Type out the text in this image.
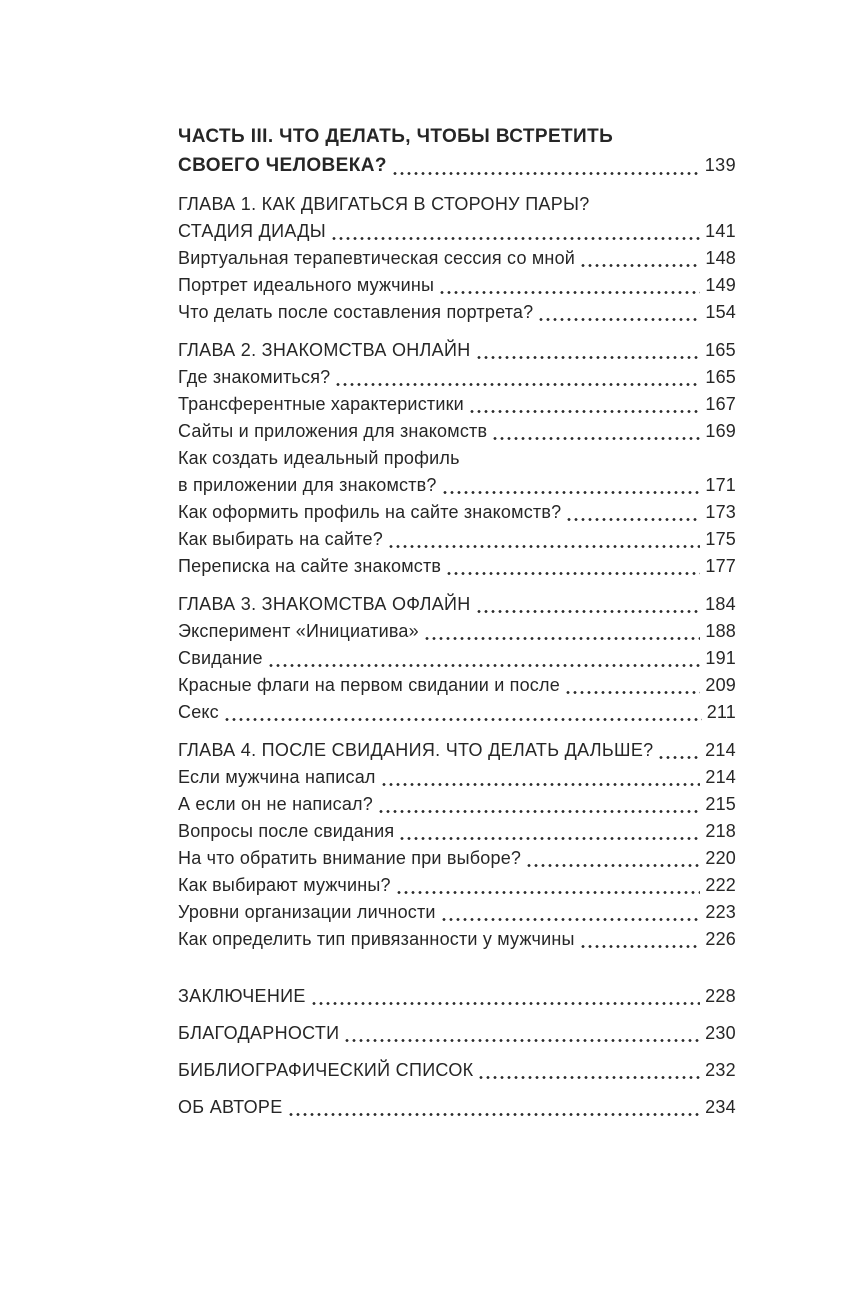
ЧАСТЬ III. ЧТО ДЕЛАТЬ, ЧТОБЫ ВСТРЕТИТЬ
СВОЕГО ЧЕЛОВЕКА?	139
ГЛАВА 1. КАК ДВИГАТЬСЯ В СТОРОНУ ПАРЫ?
СТАДИЯ ДИАДЫ	141
Виртуальная терапевтическая сессия со мной	148
Портрет идеального мужчины	149
Что делать после составления портрета?	154
ГЛАВА 2. ЗНАКОМСТВА ОНЛАЙН	165
Где знакомиться?	165
Трансферентные характеристики	167
Сайты и приложения для знакомств	169
Как создать идеальный профиль
в приложении для знакомств?	171
Как оформить профиль на сайте знакомств?	173
Как выбирать на сайте?	175
Переписка на сайте знакомств	177
ГЛАВА 3. ЗНАКОМСТВА ОФЛАЙН	184
Эксперимент «Инициатива»	188
Свидание	191
Красные флаги на первом свидании и после	209
Секс	211
ГЛАВА 4. ПОСЛЕ СВИДАНИЯ. ЧТО ДЕЛАТЬ ДАЛЬШЕ?	214
Если мужчина написал	214
А если он не написал?	215
Вопросы после свидания	218
На что обратить внимание при выборе?	220
Как выбирают мужчины?	222
Уровни организации личности	223
Как определить тип привязанности у мужчины	226
ЗАКЛЮЧЕНИЕ	228
БЛАГОДАРНОСТИ	230
БИБЛИОГРАФИЧЕСКИЙ СПИСОК	232
ОБ АВТОРЕ	234
